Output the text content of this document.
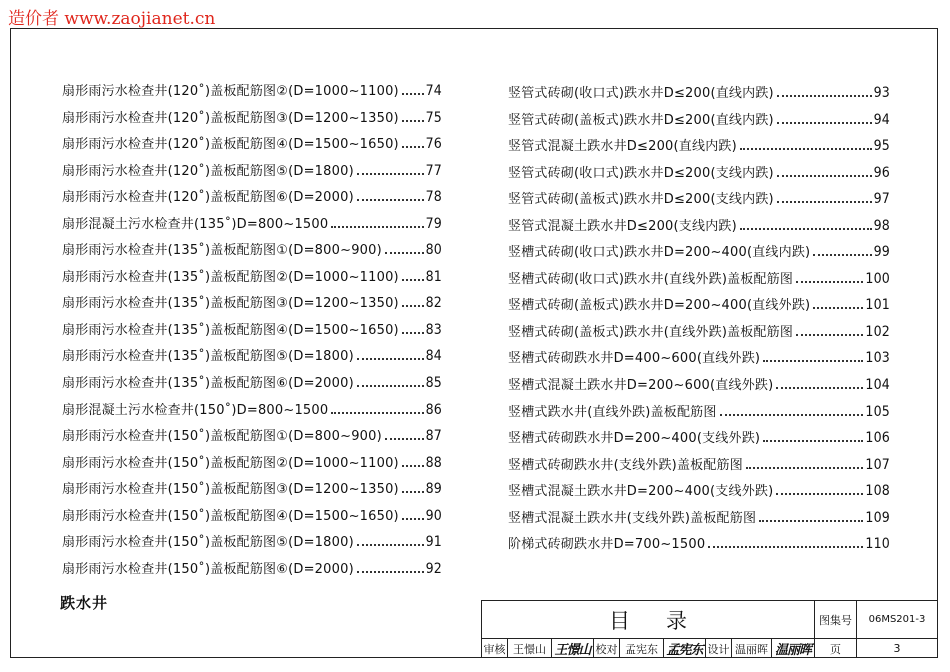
造价者 www.zaojianet.cn
扇形雨污水检查井(120˚)盖板配筋图②(D=1000~1100) 74
扇形雨污水检查井(120˚)盖板配筋图③(D=1200~1350) 75
扇形雨污水检查井(120˚)盖板配筋图④(D=1500~1650) 76
扇形雨污水检查井(120˚)盖板配筋图⑤(D=1800)	77
扇形雨污水检查井(120˚)盖板配筋图⑥(D=2000)	78
扇形混凝土污水检查井(135˚)D=800~1500	79
扇形雨污水检查井(135˚)盖板配筋图①(D=800~900)	80
扇形雨污水检查井(135˚)盖板配筋图②(D=1000~1100) 81
扇形雨污水检查井(135˚)盖板配筋图③(D=1200~1350) 82
扇形雨污水检查井(135˚)盖板配筋图④(D=1500~1650) 83
扇形雨污水检查井(135˚)盖板配筋图⑤(D=1800)	84
扇形雨污水检查井(135˚)盖板配筋图⑥(D=2000)	85
扇形混凝土污水检查井(150˚)D=800~1500	86
扇形雨污水检查井(150˚)盖板配筋图①(D=800~900)	87
扇形雨污水检查井(150˚)盖板配筋图②(D=1000~1100) 88
扇形雨污水检查井(150˚)盖板配筋图③(D=1200~1350) 89
扇形雨污水检查井(150˚)盖板配筋图④(D=1500~1650) 90
扇形雨污水检查井(150˚)盖板配筋图⑤(D=1800)	91
扇形雨污水检查井(150˚)盖板配筋图⑥(D=2000)	92
竖管式砖砌(收口式)跌水井D≤200(直线内跌)	93
竖管式砖砌(盖板式)跌水井D≤200(直线内跌)	94
竖管式混凝土跌水井D≤200(直线内跌)	95
竖管式砖砌(收口式)跌水井D≤200(支线内跌)	96
竖管式砖砌(盖板式)跌水井D≤200(支线内跌)	97
竖管式混凝土跌水井D≤200(支线内跌)	98
竖槽式砖砌(收口式)跌水井D=200~400(直线内跌)	99
竖槽式砖砌(收口式)跌水井(直线外跌)盖板配筋图	100
竖槽式砖砌(盖板式)跌水井D=200~400(直线外跌)	101
竖槽式砖砌(盖板式)跌水井(直线外跌)盖板配筋图	102
竖槽式砖砌跌水井D=400~600(直线外跌)	103
竖槽式混凝土跌水井D=200~600(直线外跌)	104
竖槽式跌水井(直线外跌)盖板配筋图	105
竖槽式砖砌跌水井D=200~400(支线外跌)	106
竖槽式砖砌跌水井(支线外跌)盖板配筋图	107
竖槽式混凝土跌水井D=200~400(支线外跌)	108
竖槽式混凝土跌水井(支线外跌)盖板配筋图	109
阶梯式砖砌跌水井D=700~1500	110
跌水井
目录	图集号	06MS201-3
审核 王憬山 王憬山 校对 孟宪东 孟宪东 设计 温丽晖 温丽晖	页	3
